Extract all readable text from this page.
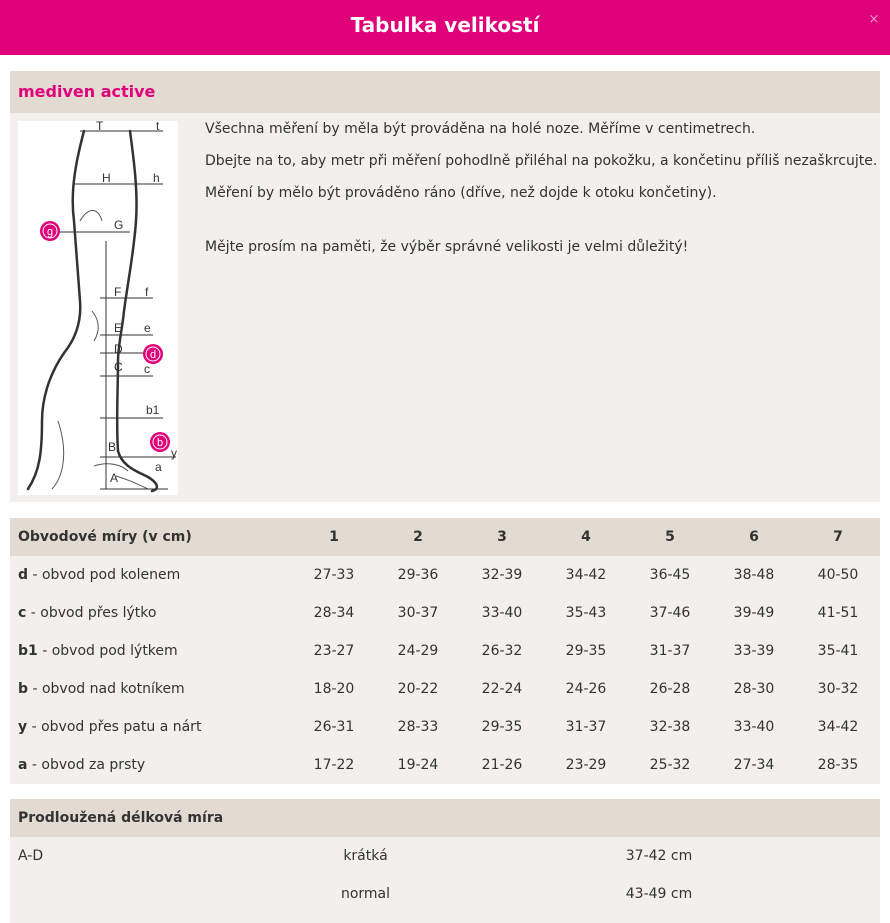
Tabulka velikostí	×
mediven active
T	t
H	h
G
F f
E e
D
C c
b1
B	y
A
a
g
d
b

Všechna měření by měla být prováděna na holé noze. Měříme v centimetrech.

Dbejte na to, aby metr při měření pohodlně přiléhal na pokožku, a končetinu příliš nezaškrcujte.

Měření by mělo být prováděno ráno (dříve, než dojde k otoku končetiny).

Mějte prosím na paměti, že výběr správné velikosti je velmi důležitý!

Obvodové míry (v cm)	1	2	3	4	5	6	7
d - obvod pod kolenem	27-33	29-36	32-39	34-42	36-45	38-48	40-50
c - obvod přes lýtko	28-34	30-37	33-40	35-43	37-46	39-49	41-51
b1 - obvod pod lýtkem	23-27	24-29	26-32	29-35	31-37	33-39	35-41
b - obvod nad kotníkem	18-20	20-22	22-24	24-26	26-28	28-30	30-32
y - obvod přes patu a nárt	26-31	28-33	29-35	31-37	32-38	33-40	34-42
a - obvod za prsty	17-22	19-24	21-26	23-29	25-32	27-34	28-35
Prodloužená délková míra
A-D	krátká	37-42 cm
	normal	43-49 cm
